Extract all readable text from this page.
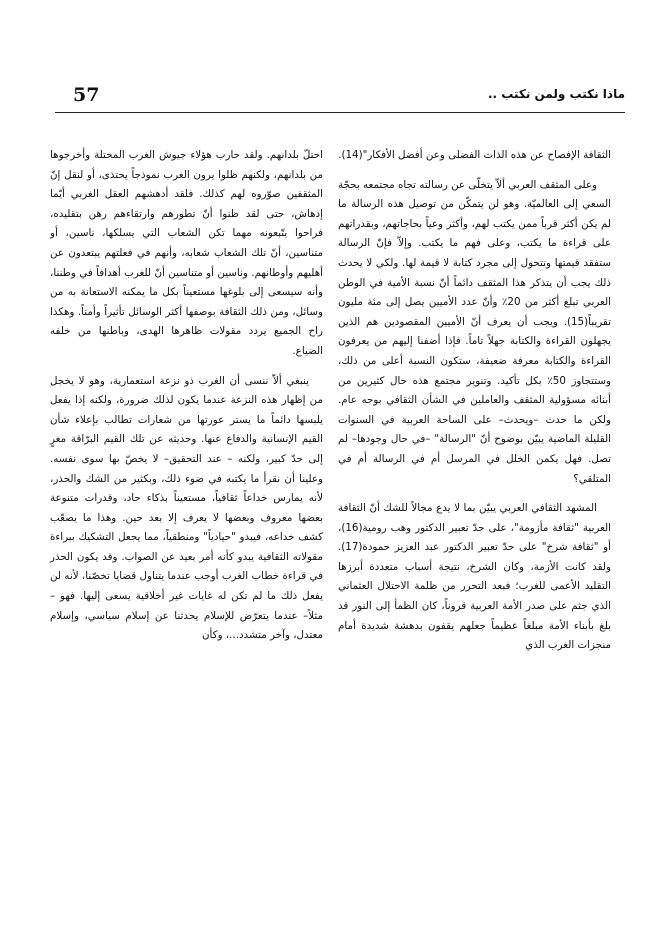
57	ماذا نكتب ولمن نكتب ..

الثقافة الإفصاح عن هذه الذات الفضلى وعن أفضل الأفكار"(14).

وعلى المثقف العربي ألاّ يتخلّى عن رسالته تجاه مجتمعه بحجّة السعي إلى العالميّة. وهو لن يتمكّن من توصيل هذه الرسالة ما لم يكن أكثر قرباً ممن يكتب لهم، وأكثر وعياً بحاجاتهم، وبقدراتهم على قراءة ما يكتب، وعلى فهم ما يكتب. وإلاّ فإنّ الرسالة ستفقد قيمتها وتتحول إلى مجرد كتابة لا قيمة لها. ولكي لا يحدث ذلك يجب أن يتذكر هذا المثقف دائماً أنّ نسبة الأمية في الوطن العربي تبلغ أكثر من 20٪ وأنّ عدد الأميين يصل إلى مئة مليون تقريباً(15). ويجب أن يعرف أنّ الأميين المقصودين هم الذين يجهلون القراءة والكتابة جهلاً تاماً. فإذا أضفنا إليهم من يعرفون القراءة والكتابة معرفة ضعيفة، ستكون النسبة أعلى من ذلك، وستتجاوز 50٪ بكل تأكيد. وتنوير مجتمع هذه حال كثيرين من أبنائه مسؤولية المثقف والعاملين في الشأن الثقافي بوجه عام. ولكن ما حدث –ويحدث– على الساحة العربية في السنوات القليلة الماضية يبيّن بوضوح أنّ "الرسالة" –في حال وجودها– لم تصل. فهل يكمن الخلل في المرسل أم في الرسالة أم في المتلقي؟

المشهد الثقافي العربي يبيّن بما لا يدع مجالاً للشك أنّ الثقافة العربية "ثقافة مأزومة"، على حدّ تعبير الدكتور وهب رومية(16)، أو "ثقافة شرخ" على حدّ تعبير الدكتور عبد العزيز حمودة(17). ولقد كانت الأزمة، وكان الشرخ، نتيجة أسباب متعددة أبرزها التقليد الأعمى للغرب؛ فبعد التحرر من ظلمة الاحتلال العثماني الذي جثم على صدر الأمة العربية قروناً، كان الظمأ إلى النور قد بلغ بأبناء الأمة مبلغاً عظيماً جعلهم يقفون بدهشة شديدة أمام منجزات الغرب الذي

احتلّ بلدانهم. ولقد حارب هؤلاء جيوش الغرب المحتلة وأخرجوها من بلدانهم، ولكنهم ظلوا يرون الغرب نموذجاً يحتذى، أو لنقل إنّ المثقفين صوّروه لهم كذلك. فلقد أدهشهم العقل الغربي أيّما إدهاش، حتى لقد ظنوا أنّ تطورهم وارتقاءهم رهن بتقليده، فراحوا يتّبعونه مهما تكن الشعاب التي يسلكها، ناسين، أو متناسين، أنّ تلك الشعاب شعابه، وأنهم في فعلتهم يبتعدون عن أهليهم وأوطانهم. وناسين أو متناسين أنّ للغرب أهدافاً في وطننا، وأنه سيسعى إلى بلوغها مستعيناً بكل ما يمكنه الاستعانة به من وسائل، ومن ذلك الثقافة بوصفها أكثر الوسائل تأثيراً وأمناً. وهكذا راح الجميع يردد مقولات ظاهرها الهدى، وباطنها من خلفه الضياع.

ينبغي ألاّ ننسى أن الغرب ذو نزعة استعمارية، وهو لا يخجل من إظهار هذه النزعة عندما يكون لذلك ضرورة، ولكنه إذا يفعل يلبسها دائماً ما يستر عورتها من شعارات تطالب بإعلاء شأن القيم الإنسانية والدفاع عنها. وحديثه عن تلك القيم البرّاقة مغرٍ إلى حدّ كبير، ولكنه – عند التحقيق– لا يخصّ بها سوى نفسه. وعلينا أن نقرأ ما يكتبه في ضوء ذلك، وبكثير من الشك والحذر، لأنه يمارس خداعاً ثقافياً، مستعيناً بذكاء حاد، وقدرات متنوعة بعضها معروف وبعضها لا يعرف إلا بعد حين. وهذا ما يصعّب كشف خداعه، فيبدو "حيادياً" ومنطقياً، مما يجعل التشكيك ببراءة مقولاته الثقافية يبدو كأنه أمر بعيد عن الصواب. وقد يكون الحذر في قراءة خطاب الغرب أوجب عندما يتناول قضايا تخصّنا، لأنه لن يفعل ذلك ما لم تكن له غايات غير أخلاقية يسعى إليها. فهو –مثلاً– عندما يتعرّض للإسلام يحدثنا عن إسلام سياسي، وإسلام معتدل، وآخر متشدد...، وكأن
